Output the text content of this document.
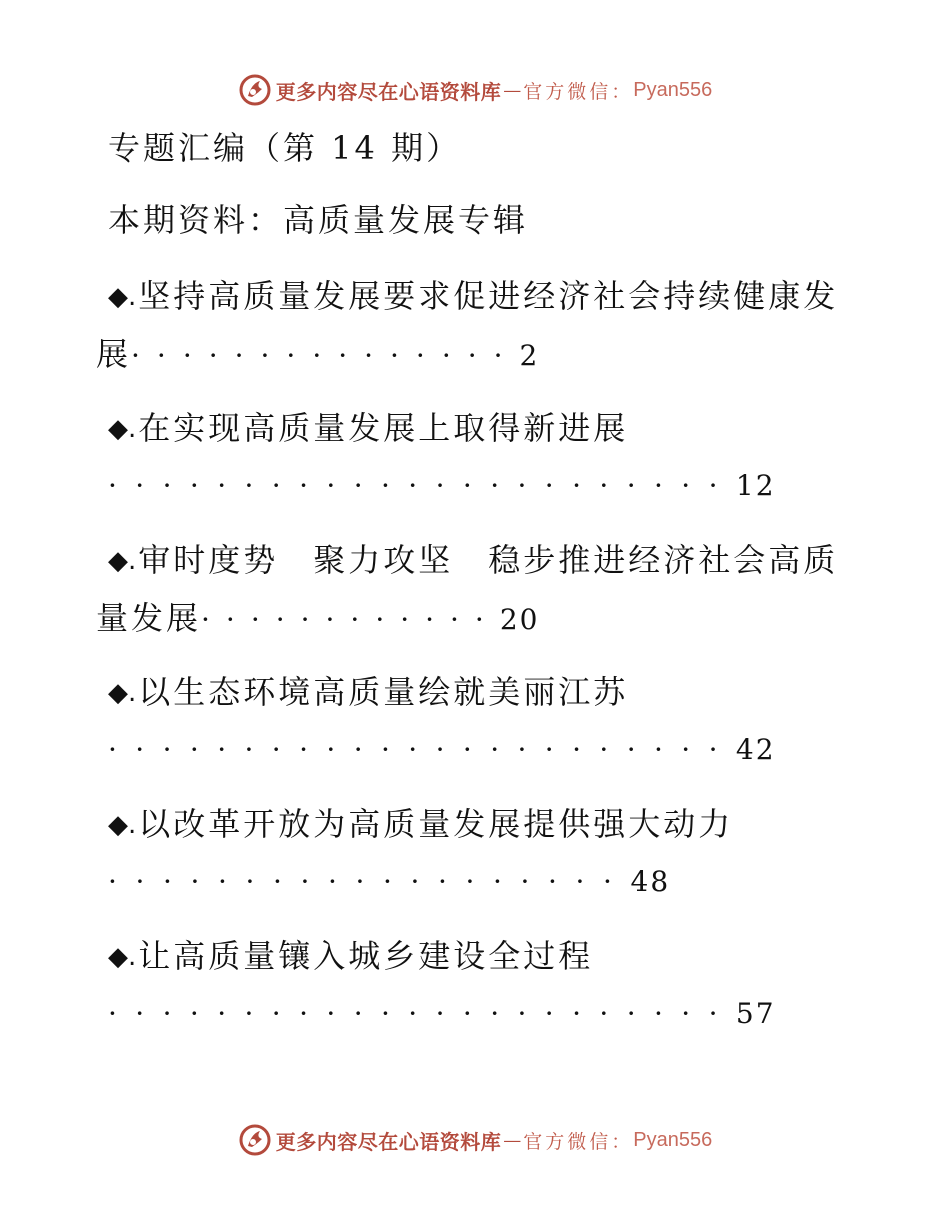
更多内容尽在心语资料库 — 官方微信： Pyan556
专题汇编（第 14 期）
本期资料：高质量发展专辑
◆.坚持高质量发展要求促进经济社会持续健康发
展···············2
◆.在实现高质量发展上取得新进展
·······················12
◆.审时度势　聚力攻坚　稳步推进经济社会高质
量发展············20
◆.以生态环境高质量绘就美丽江苏
·······················42
◆.以改革开放为高质量发展提供强大动力
···················48
◆.让高质量镶入城乡建设全过程
·······················57
更多内容尽在心语资料库 — 官方微信： Pyan556
